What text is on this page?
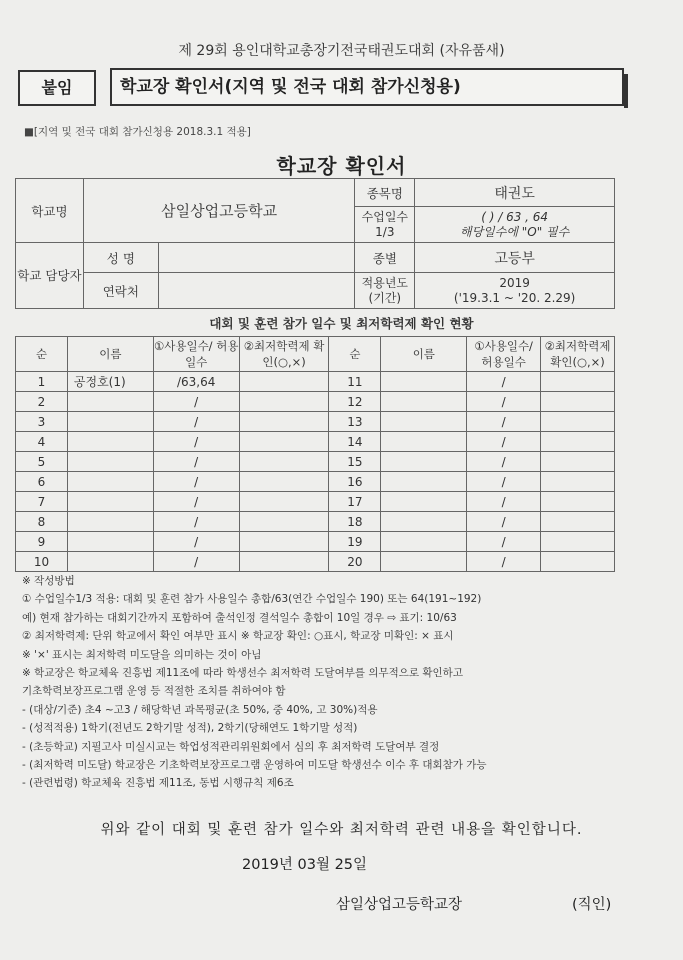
제 29회 용인대학교총장기전국태권도대회 (자유품새)
붙임	학교장 확인서(지역 및 전국 대회 참가신청용)
■[지역 및 전국 대회 참가신청용 2018.3.1 적용]
학교장 확인서
학교명	삼일상업고등학교		종목명	태권도
			수업일수 1/3	( ) / 63 , 64
해당일수에 "O" 필수

학교 담당자	성 명		종별	고등부
	연락처		적용년도 (기간)	2019
('19.3.1 ~ '20. 2.29)
대회 및 훈련 참가 일수 및 최저학력제 확인 현황
순	이름	①사용일수/ 허용일수	②최저학력제 확인(○,×)	순	이름	①사용일수/ 허용일수	②최저학력제 확인(○,×)
1	공정호(1)	/63,64		11		/	
2		/		12		/	
3		/		13		/	
4		/		14		/	
5		/		15		/	
6		/		16		/	
7		/		17		/	
8		/		18		/	
9		/		19		/	
10		/		20		/	
※ 작성방법
① 수업일수1/3 적용: 대회 및 훈련 참가 사용일수 총합/63(연간 수업일수 190) 또는 64(191~192)
예) 현재 참가하는 대회기간까지 포함하여 출석인정 결석일수 총합이 10일 경우 ⇨ 표기: 10/63
② 최저학력제: 단위 학교에서 확인 여부만 표시 ※ 학교장 확인: ○표시, 학교장 미확인: × 표시
※ '×' 표시는 최저학력 미도달을 의미하는 것이 아님
※ 학교장은 학교체육 진흥법 제11조에 따라 학생선수 최저학력 도달여부를 의무적으로 확인하고
기초학력보장프로그램 운영 등 적절한 조치를 취하여야 함
- (대상/기준) 초4 ~고3 / 해당학년 과목평균(초 50%, 중 40%, 고 30%)적용
- (성적적용) 1학기(전년도 2학기말 성적), 2학기(당해연도 1학기말 성적)
- (초등학교) 지필고사 미실시교는 학업성적관리위원회에서 심의 후 최저학력 도달여부 결정
- (최저학력 미도달) 학교장은 기초학력보장프로그램 운영하여 미도달 학생선수 이수 후 대회참가 가능
- (관련법령) 학교체육 진흥법 제11조, 동법 시행규칙 제6조
위와 같이 대회 및 훈련 참가 일수와 최저학력 관련 내용을 확인합니다.
2019년 03월 25일
삼일상업고등학교장	(직인)
